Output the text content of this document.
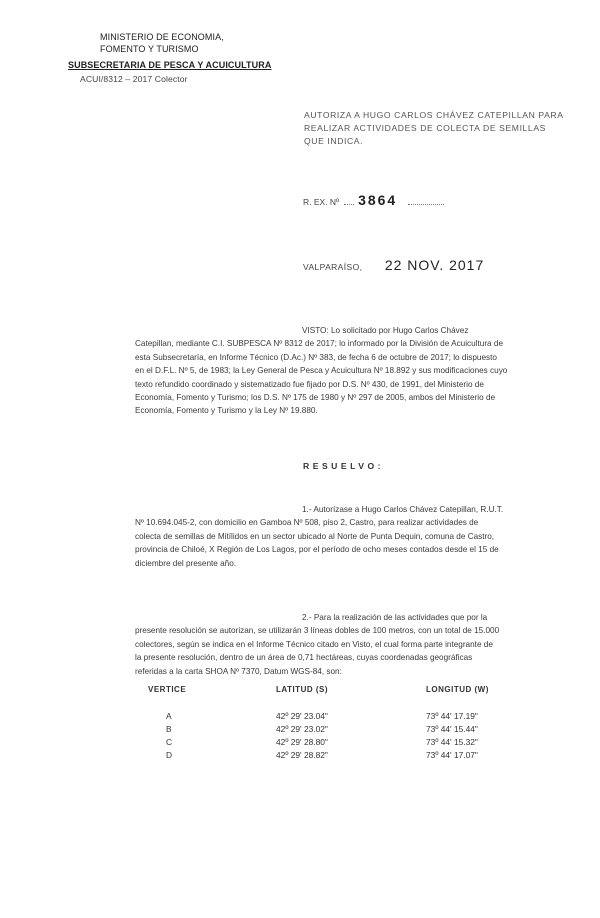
MINISTERIO DE ECONOMIA,
FOMENTO Y TURISMO
SUBSECRETARIA DE PESCA Y ACUICULTURA
ACUI/8312 – 2017 Colector
AUTORIZA A HUGO CARLOS CHÁVEZ CATEPILLAN PARA
REALIZAR ACTIVIDADES DE COLECTA DE SEMILLAS
QUE INDICA.
R. EX. Nº 3864
VALPARAÍSO, 22 NOV. 2017
VISTO: Lo solicitado por Hugo Carlos Chávez
Catepillan, mediante C.I. SUBPESCA Nº 8312 de 2017; lo informado por la División de Acuicultura de
esta Subsecretaría, en Informe Técnico (D.Ac.) Nº 383, de fecha 6 de octubre de 2017; lo dispuesto
en el D.F.L. Nº 5, de 1983; la Ley General de Pesca y Acuicultura Nº 18.892 y sus modificaciones cuyo
texto refundido coordinado y sistematizado fue fijado por D.S. Nº 430, de 1991, del Ministerio de
Economía, Fomento y Turismo; los D.S. Nº 175 de 1980 y Nº 297 de 2005, ambos del Ministerio de
Economía, Fomento y Turismo y la Ley Nº 19.880.
RESUELVO:
1.- Autorízase a Hugo Carlos Chávez Catepillan, R.U.T.
Nº 10.694.045-2, con domicilio en Gamboa Nº 508, piso 2, Castro, para realizar actividades de
colecta de semillas de Mitílidos en un sector ubicado al Norte de Punta Dequin, comuna de Castro,
provincia de Chiloé, X Región de Los Lagos, por el período de ocho meses contados desde el 15 de
diciembre del presente año.
2.- Para la realización de las actividades que por la
presente resolución se autorizan, se utilizarán 3 líneas dobles de 100 metros, con un total de 15.000
colectores, según se indica en el Informe Técnico citado en Visto, el cual forma parte integrante de
la presente resolución, dentro de un área de 0,71 hectáreas, cuyas coordenadas geográficas
referidas a la carta SHOA Nº 7370, Datum WGS-84, son:
VERTICE	LATITUD (S)	LONGITUD (W)
A	42º 29' 23.04"	73º 44' 17.19"
B	42º 29' 23.02"	73º 44' 15.44"
C	42º 29' 28.80"	73º 44' 15.32"
D	42º 29' 28.82"	73º 44' 17.07"
